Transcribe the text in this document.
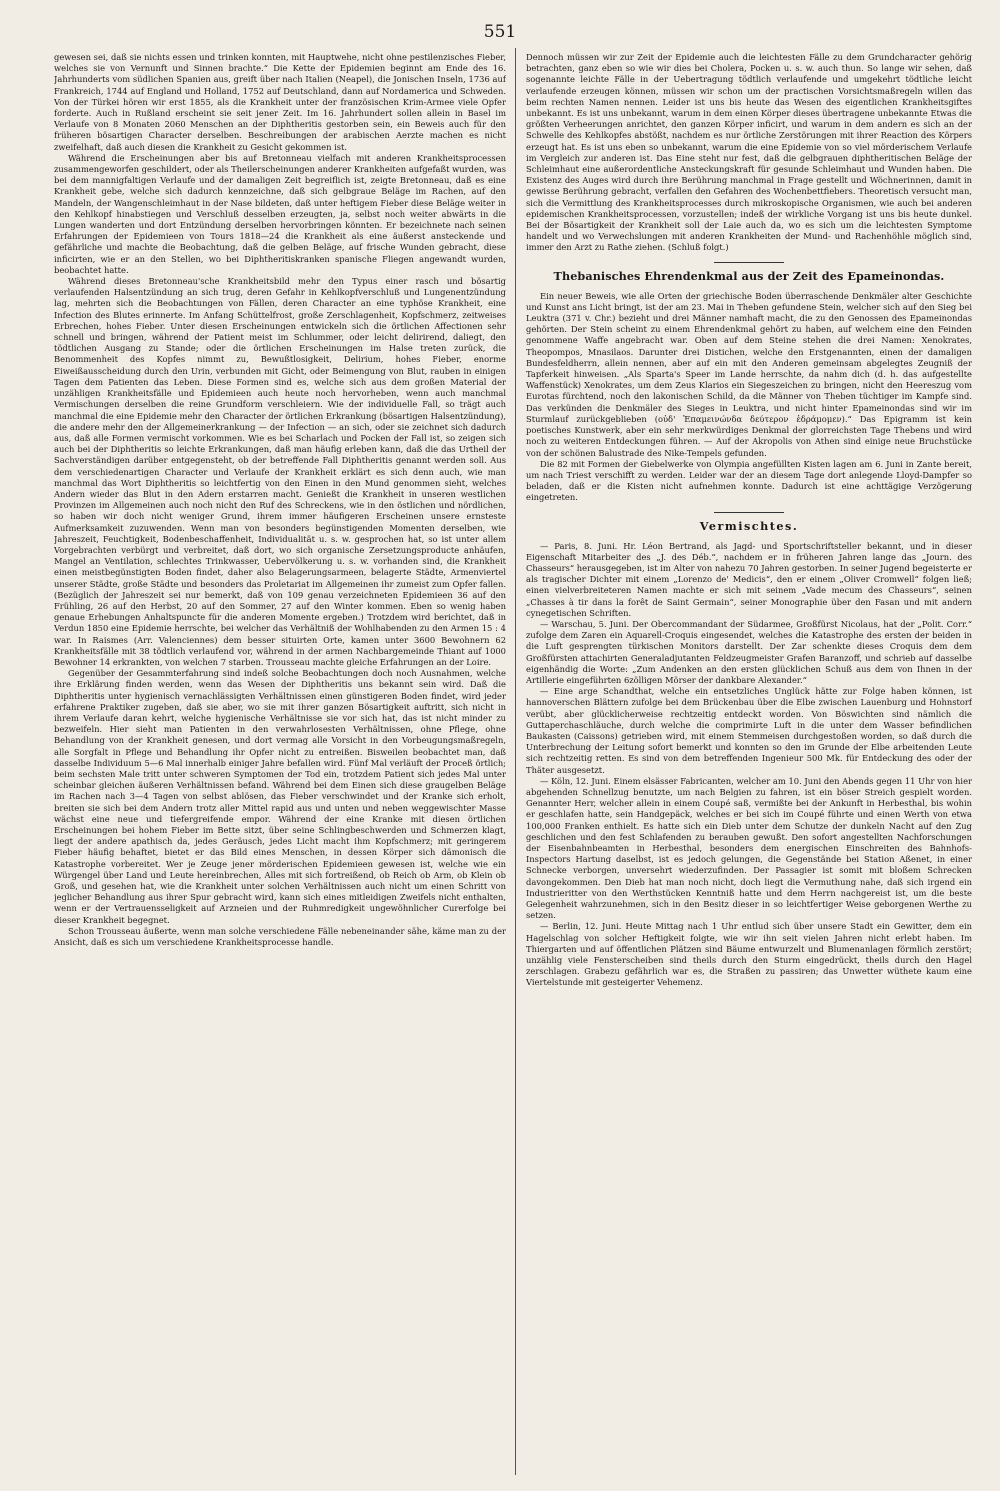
551

gewesen sei, daß sie nichts essen und trinken konnten, mit Hauptwehe, nicht ohne pestilenzisches Fieber, welches sie von Vernunft und Sinnen brachte.“ Die Kette der Epidemien beginnt am Ende des 16. Jahrhunderts vom südlichen Spanien aus, greift über nach Italien (Neapel), die Jonischen Inseln, 1736 auf Frankreich, 1744 auf England und Holland, 1752 auf Deutschland, dann auf Nordamerica und Schweden. Von der Türkei hören wir erst 1855, als die Krankheit unter der französischen Krim-Armee viele Opfer forderte. Auch in Rußland erscheint sie seit jener Zeit. Im 16. Jahrhundert sollen allein in Basel im Verlaufe von 8 Monaten 2060 Menschen an der Diphtheritis gestorben sein, ein Beweis auch für den früheren bösartigen Character derselben. Beschreibungen der arabischen Aerzte machen es nicht zweifelhaft, daß auch diesen die Krankheit zu Gesicht gekommen ist.

Während die Erscheinungen aber bis auf Bretonneau vielfach mit anderen Krankheitsprocessen zusammengeworfen geschildert, oder als Theilerscheinungen anderer Krankheiten aufgefaßt wurden, was bei dem mannigfaltigen Verlaufe und der damaligen Zeit begreiflich ist, zeigte Bretonneau, daß es eine Krankheit gebe, welche sich dadurch kennzeichne, daß sich gelbgraue Beläge im Rachen, auf den Mandeln, der Wangenschleimhaut in der Nase bildeten, daß unter heftigem Fieber diese Beläge weiter in den Kehlkopf hinabstiegen und Verschluß desselben erzeugten, ja, selbst noch weiter abwärts in die Lungen wanderten und dort Entzündung derselben hervorbringen könnten. Er bezeichnete nach seinen Erfahrungen der Epidemieen von Tours 1818—24 die Krankheit als eine äußerst ansteckende und gefährliche und machte die Beobachtung, daß die gelben Beläge, auf frische Wunden gebracht, diese inficirten, wie er an den Stellen, wo bei Diphtheritiskranken spanische Fliegen angewandt wurden, beobachtet hatte.

Während dieses Bretonneau'sche Krankheitsbild mehr den Typus einer rasch und bösartig verlaufenden Halsentzündung an sich trug, deren Gefahr in Kehlkopfverschluß und Lungenentzündung lag, mehrten sich die Beobachtungen von Fällen, deren Character an eine typhöse Krankheit, eine Infection des Blutes erinnerte. Im Anfang Schüttelfrost, große Zerschlagenheit, Kopfschmerz, zeitweises Erbrechen, hohes Fieber. Unter diesen Erscheinungen entwickeln sich die örtlichen Affectionen sehr schnell und bringen, während der Patient meist im Schlummer, oder leicht delirirend, daliegt, den tödtlichen Ausgang zu Stande; oder die örtlichen Erscheinungen im Halse treten zurück, die Benommenheit des Kopfes nimmt zu, Bewußtlosigkeit, Delirium, hohes Fieber, enorme Eiweißausscheidung durch den Urin, verbunden mit Gicht, oder Beimengung von Blut, rauben in einigen Tagen dem Patienten das Leben. Diese Formen sind es, welche sich aus dem großen Material der unzähligen Krankheitsfälle und Epidemieen auch heute noch hervorheben, wenn auch manchmal Vermischungen derselben die reine Grundform verschleiern. Wie der individuelle Fall, so trägt auch manchmal die eine Epidemie mehr den Character der örtlichen Erkrankung (bösartigen Halsentzündung), die andere mehr den der Allgemeinerkrankung — der Infection — an sich, oder sie zeichnet sich dadurch aus, daß alle Formen vermischt vorkommen. Wie es bei Scharlach und Pocken der Fall ist, so zeigen sich auch bei der Diphtheritis so leichte Erkrankungen, daß man häufig erleben kann, daß die das Urtheil der Sachverständigen darüber entgegensteht, ob der betreffende Fall Diphtheritis genannt werden soll. Aus dem verschiedenartigen Character und Verlaufe der Krankheit erklärt es sich denn auch, wie man manchmal das Wort Diphtheritis so leichtfertig von den Einen in den Mund genommen sieht, welches Andern wieder das Blut in den Adern erstarren macht. Genießt die Krankheit in unseren westlichen Provinzen im Allgemeinen auch noch nicht den Ruf des Schreckens, wie in den östlichen und nördlichen, so haben wir doch nicht weniger Grund, ihrem immer häufigeren Erscheinen unsere ernsteste Aufmerksamkeit zuzuwenden. Wenn man von besonders begünstigenden Momenten derselben, wie Jahreszeit, Feuchtigkeit, Bodenbeschaffenheit, Individualität u. s. w. gesprochen hat, so ist unter allem Vorgebrachten verbürgt und verbreitet, daß dort, wo sich organische Zersetzungsproducte anhäufen, Mangel an Ventilation, schlechtes Trinkwasser, Uebervölkerung u. s. w. vorhanden sind, die Krankheit einen meistbegünstigten Boden findet, daher also Belagerungsarmeen, belagerte Städte, Armenviertel unserer Städte, große Städte und besonders das Proletariat im Allgemeinen ihr zumeist zum Opfer fallen. (Bezüglich der Jahreszeit sei nur bemerkt, daß von 109 genau verzeichneten Epidemieen 36 auf den Frühling, 26 auf den Herbst, 20 auf den Sommer, 27 auf den Winter kommen. Eben so wenig haben genaue Erhebungen Anhaltspuncte für die anderen Momente ergeben.) Trotzdem wird berichtet, daß in Verdun 1850 eine Epidemie herrschte, bei welcher das Verhältniß der Wohlhabenden zu den Armen 15 : 4 war. In Raismes (Arr. Valenciennes) dem besser situirten Orte, kamen unter 3600 Bewohnern 62 Krankheitsfälle mit 38 tödtlich verlaufend vor, während in der armen Nachbargemeinde Thiant auf 1000 Bewohner 14 erkrankten, von welchen 7 starben. Trousseau machte gleiche Erfahrungen an der Loire.

Gegenüber der Gesammterfahrung sind indeß solche Beobachtungen doch noch Ausnahmen, welche ihre Erklärung finden werden, wenn das Wesen der Diphtheritis uns bekannt sein wird. Daß die Diphtheritis unter hygienisch vernachlässigten Verhältnissen einen günstigeren Boden findet, wird jeder erfahrene Praktiker zugeben, daß sie aber, wo sie mit ihrer ganzen Bösartigkeit auftritt, sich nicht in ihrem Verlaufe daran kehrt, welche hygienische Verhältnisse sie vor sich hat, das ist nicht minder zu bezweifeln. Hier sieht man Patienten in den verwahrlosesten Verhältnissen, ohne Pflege, ohne Behandlung von der Krankheit genesen, und dort vermag alle Vorsicht in den Vorbeugungsmaßregeln, alle Sorgfalt in Pflege und Behandlung ihr Opfer nicht zu entreißen. Bisweilen beobachtet man, daß dasselbe Individuum 5—6 Mal innerhalb einiger Jahre befallen wird. Fünf Mal verläuft der Proceß örtlich; beim sechsten Male tritt unter schweren Symptomen der Tod ein, trotzdem Patient sich jedes Mal unter scheinbar gleichen äußeren Verhältnissen befand. Während bei dem Einen sich diese graugelben Beläge im Rachen nach 3—4 Tagen von selbst ablösen, das Fieber verschwindet und der Kranke sich erholt, breiten sie sich bei dem Andern trotz aller Mittel rapid aus und unten und neben weggewischter Masse wächst eine neue und tiefergreifende empor. Während der eine Kranke mit diesen örtlichen Erscheinungen bei hohem Fieber im Bette sitzt, über seine Schlingbeschwerden und Schmerzen klagt, liegt der andere apathisch da, jedes Geräusch, jedes Licht macht ihm Kopfschmerz; mit geringerem Fieber häufig behaftet, bietet er das Bild eines Menschen, in dessen Körper sich dämonisch die Katastrophe vorbereitet. Wer je Zeuge jener mörderischen Epidemieen gewesen ist, welche wie ein Würgengel über Land und Leute hereinbrechen, Alles mit sich fortreißend, ob Reich ob Arm, ob Klein ob Groß, und gesehen hat, wie die Krankheit unter solchen Verhältnissen auch nicht um einen Schritt von jeglicher Behandlung aus ihrer Spur gebracht wird, kann sich eines mitleidigen Zweifels nicht enthalten, wenn er der Vertrauensseligkeit auf Arzneien und der Ruhmredigkeit ungewöhnlicher Curerfolge bei dieser Krankheit begegnet.

Schon Trousseau äußerte, wenn man solche verschiedene Fälle nebeneinander sähe, käme man zu der Ansicht, daß es sich um verschiedene Krankheitsprocesse handle.

Dennoch müssen wir zur Zeit der Epidemie auch die leichtesten Fälle zu dem Grundcharacter gehörig betrachten, ganz eben so wie wir dies bei Cholera, Pocken u. s. w. auch thun. So lange wir sehen, daß sogenannte leichte Fälle in der Uebertragung tödtlich verlaufende und umgekehrt tödtliche leicht verlaufende erzeugen können, müssen wir schon um der practischen Vorsichtsmaßregeln willen das beim rechten Namen nennen. Leider ist uns bis heute das Wesen des eigentlichen Krankheitsgiftes unbekannt. Es ist uns unbekannt, warum in dem einen Körper dieses übertragene unbekannte Etwas die größten Verheerungen anrichtet, den ganzen Körper inficirt, und warum in dem andern es sich an der Schwelle des Kehlkopfes abstößt, nachdem es nur örtliche Zerstörungen mit ihrer Reaction des Körpers erzeugt hat. Es ist uns eben so unbekannt, warum die eine Epidemie von so viel mörderischem Verlaufe im Vergleich zur anderen ist. Das Eine steht nur fest, daß die gelbgrauen diphtheritischen Beläge der Schleimhaut eine außerordentliche Ansteckungskraft für gesunde Schleimhaut und Wunden haben. Die Existenz des Auges wird durch ihre Berührung manchmal in Frage gestellt und Wöchnerinnen, damit in gewisse Berührung gebracht, verfallen den Gefahren des Wochenbettfiebers. Theoretisch versucht man, sich die Vermittlung des Krankheitsprocesses durch mikroskopische Organismen, wie auch bei anderen epidemischen Krankheitsprocessen, vorzustellen; indeß der wirkliche Vorgang ist uns bis heute dunkel. Bei der Bösartigkeit der Krankheit soll der Laie auch da, wo es sich um die leichtesten Symptome handelt und wo Verwechslungen mit anderen Krankheiten der Mund- und Rachenhöhle möglich sind, immer den Arzt zu Rathe ziehen. (Schluß folgt.)

Thebanisches Ehrendenkmal aus der Zeit des Epameinondas.

Ein neuer Beweis, wie alle Orten der griechische Boden überraschende Denkmäler alter Geschichte und Kunst ans Licht bringt, ist der am 23. Mai in Theben gefundene Stein, welcher sich auf den Sieg bei Leuktra (371 v. Chr.) bezieht und drei Männer namhaft macht, die zu den Genossen des Epameinondas gehörten. Der Stein scheint zu einem Ehrendenkmal gehört zu haben, auf welchem eine den Feinden genommene Waffe angebracht war. Oben auf dem Steine stehen die drei Namen: Xenokrates, Theopompos, Mnasilaos. Darunter drei Distichen, welche den Erstgenannten, einen der damaligen Bundesfeldherrn, allein nennen, aber auf ein mit den Anderen gemeinsam abgelegtes Zeugniß der Tapferkeit hinweisen. „Als Sparta's Speer im Lande herrschte, da nahm dich (d. h. das aufgestellte Waffenstück) Xenokrates, um dem Zeus Klarios ein Siegeszeichen zu bringen, nicht den Heereszug vom Eurotas fürchtend, noch den lakonischen Schild, da die Männer von Theben tüchtiger im Kampfe sind. Das verkünden die Denkmäler des Sieges in Leuktra, und nicht hinter Epameinondas sind wir im Sturmlauf zurückgeblieben (οὐδ' Ἐπαμεινώνδα δεύτερον ἐδράμομεν).“ Das Epigramm ist kein poetisches Kunstwerk, aber ein sehr merkwürdiges Denkmal der glorreichsten Tage Thebens und wird noch zu weiteren Entdeckungen führen. — Auf der Akropolis von Athen sind einige neue Bruchstücke von der schönen Balustrade des Nike-Tempels gefunden.

Die 82 mit Formen der Giebelwerke von Olympia angefüllten Kisten lagen am 6. Juni in Zante bereit, um nach Triest verschifft zu werden. Leider war der an diesem Tage dort anlegende Lloyd-Dampfer so beladen, daß er die Kisten nicht aufnehmen konnte. Dadurch ist eine achttägige Verzögerung eingetreten.

Vermischtes.

— Paris, 8. Juni. Hr. Léon Bertrand, als Jagd- und Sportschriftsteller bekannt, und in dieser Eigenschaft Mitarbeiter des „J. des Déb.“, nachdem er in früheren Jahren lange das „Journ. des Chasseurs“ herausgegeben, ist im Alter von nahezu 70 Jahren gestorben. In seiner Jugend begeisterte er als tragischer Dichter mit einem „Lorenzo de' Medicis“, den er einem „Oliver Cromwell“ folgen ließ; einen vielverbreiteteren Namen machte er sich mit seinem „Vade mecum des Chasseurs“, seinen „Chasses à tir dans la forêt de Saint Germain“, seiner Monographie über den Fasan und mit andern cynegetischen Schriften.

— Warschau, 5. Juni. Der Obercommandant der Südarmee, Großfürst Nicolaus, hat der „Polit. Corr.“ zufolge dem Zaren ein Aquarell-Croquis eingesendet, welches die Katastrophe des ersten der beiden in die Luft gesprengten türkischen Monitors darstellt. Der Zar schenkte dieses Croquis dem dem Großfürsten attachirten Generaladjutanten Feldzeugmeister Grafen Baranzoff, und schrieb auf dasselbe eigenhändig die Worte: „Zum Andenken an den ersten glücklichen Schuß aus dem von Ihnen in der Artillerie eingeführten 6zölligen Mörser der dankbare Alexander.“

— Eine arge Schandthat, welche ein entsetzliches Unglück hätte zur Folge haben können, ist hannoverschen Blättern zufolge bei dem Brückenbau über die Elbe zwischen Lauenburg und Hohnstorf verübt, aber glücklicherweise rechtzeitig entdeckt worden. Von Böswichten sind nämlich die Guttaperchaschläuche, durch welche die comprimirte Luft in die unter dem Wasser befindlichen Baukasten (Caissons) getrieben wird, mit einem Stemmeisen durchgestoßen worden, so daß durch die Unterbrechung der Leitung sofort bemerkt und konnten so den im Grunde der Elbe arbeitenden Leute sich rechtzeitig retten. Es sind von dem betreffenden Ingenieur 500 Mk. für Entdeckung des oder der Thäter ausgesetzt.

— Köln, 12. Juni. Einem elsässer Fabricanten, welcher am 10. Juni den Abends gegen 11 Uhr von hier abgehenden Schnellzug benutzte, um nach Belgien zu fahren, ist ein böser Streich gespielt worden. Genannter Herr, welcher allein in einem Coupé saß, vermißte bei der Ankunft in Herbesthal, bis wohin er geschlafen hatte, sein Handgepäck, welches er bei sich im Coupé führte und einen Werth von etwa 100,000 Franken enthielt. Es hatte sich ein Dieb unter dem Schutze der dunkeln Nacht auf den Zug geschlichen und den fest Schlafenden zu berauben gewußt. Den sofort angestellten Nachforschungen der Eisenbahnbeamten in Herbesthal, besonders dem energischen Einschreiten des Bahnhofs-Inspectors Hartung daselbst, ist es jedoch gelungen, die Gegenstände bei Station Aßenet, in einer Schnecke verborgen, unversehrt wiederzufinden. Der Passagier ist somit mit bloßem Schrecken davongekommen. Den Dieb hat man noch nicht, doch liegt die Vermuthung nahe, daß sich irgend ein Industrieritter von den Werthstücken Kenntniß hatte und dem Herrn nachgereist ist, um die beste Gelegenheit wahrzunehmen, sich in den Besitz dieser in so leichtfertiger Weise geborgenen Werthe zu setzen.

— Berlin, 12. Juni. Heute Mittag nach 1 Uhr entlud sich über unsere Stadt ein Gewitter, dem ein Hagelschlag von solcher Heftigkeit folgte, wie wir ihn seit vielen Jahren nicht erlebt haben. Im Thiergarten und auf öffentlichen Plätzen sind Bäume entwurzelt und Blumenanlagen förmlich zerstört; unzählig viele Fensterscheiben sind theils durch den Sturm eingedrückt, theils durch den Hagel zerschlagen. Grabezu gefährlich war es, die Straßen zu passiren; das Unwetter wüthete kaum eine Viertelstunde mit gesteigerter Vehemenz.
